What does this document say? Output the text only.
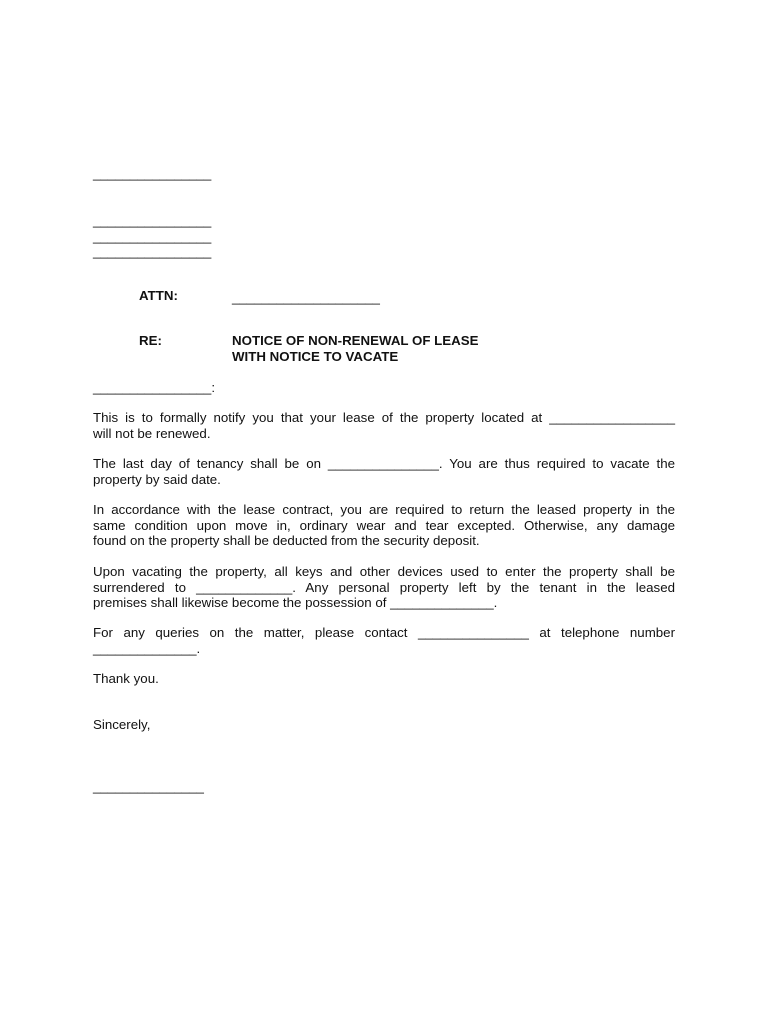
________________
________________
________________
________________
ATTN:	____________________
RE:	NOTICE OF NON-RENEWAL OF LEASE
WITH NOTICE TO VACATE
________________:
This is to formally notify you that your lease of the property located at _________________
will not be renewed.
The last day of tenancy shall be on _______________. You are thus required to vacate the
property by said date.
In accordance with the lease contract, you are required to return the leased property in the
same condition upon move in, ordinary wear and tear excepted. Otherwise, any damage
found on the property shall be deducted from the security deposit.
Upon vacating the property, all keys and other devices used to enter the property shall be
surrendered to _____________. Any personal property left by the tenant in the leased
premises shall likewise become the possession of ______________.
For any queries on the matter, please contact _______________ at telephone number
______________.
Thank you.
Sincerely,
_______________
